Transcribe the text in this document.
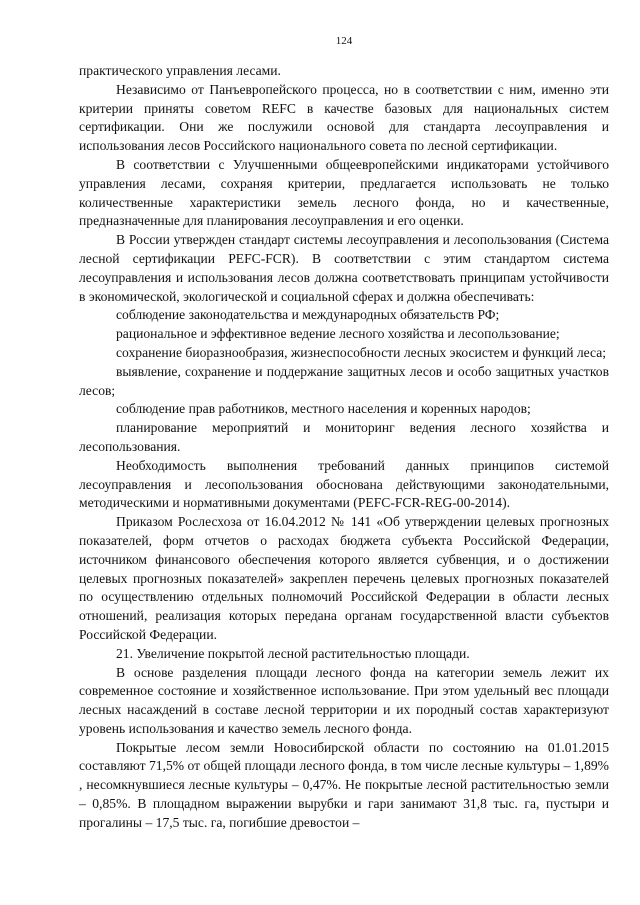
124

практического управления лесами.

Независимо от Панъевропейского процесса, но в соответствии с ним, именно эти критерии приняты советом REFC в качестве базовых для национальных систем сертификации. Они же послужили основой для стандарта лесоуправления и использования лесов Российского национального совета по лесной сертификации.

В соответствии с Улучшенными общеевропейскими индикаторами устойчивого управления лесами, сохраняя критерии, предлагается использовать не только количественные характеристики земель лесного фонда, но и качественные, предназначенные для планирования лесоуправления и его оценки.

В России утвержден стандарт системы лесоуправления и лесопользования (Система лесной сертификации PEFC-FCR). В соответствии с этим стандартом система лесоуправления и использования лесов должна соответствовать принципам устойчивости в экономической, экологической и социальной сферах и должна обеспечивать:

соблюдение законодательства и международных обязательств РФ;

рациональное и эффективное ведение лесного хозяйства и лесопользование;

сохранение биоразнообразия, жизнеспособности лесных экосистем и функций леса;

выявление, сохранение и поддержание защитных лесов и особо защитных участков лесов;

соблюдение прав работников, местного населения и коренных народов;

планирование мероприятий и мониторинг ведения лесного хозяйства и лесопользования.

Необходимость выполнения требований данных принципов системой лесоуправления и лесопользования обоснована действующими законодательными, методическими и нормативными документами (PEFC-FCR-REG-00-2014).

Приказом Рослесхоза от 16.04.2012 № 141 «Об утверждении целевых прогнозных показателей, форм отчетов о расходах бюджета субъекта Российской Федерации, источником финансового обеспечения которого является субвенция, и о достижении целевых прогнозных показателей» закреплен перечень целевых прогнозных показателей по осуществлению отдельных полномочий Российской Федерации в области лесных отношений, реализация которых передана органам государственной власти субъектов Российской Федерации.

21. Увеличение покрытой лесной растительностью площади.

В основе разделения площади лесного фонда на категории земель лежит их современное состояние и хозяйственное использование. При этом удельный вес площади лесных насаждений в составе лесной территории и их породный состав характеризуют уровень использования и качество земель лесного фонда.

Покрытые лесом земли Новосибирской области по состоянию на 01.01.2015 составляют 71,5% от общей площади лесного фонда, в том числе лесные культуры – 1,89% , несомкнувшиеся лесные культуры – 0,47%. Не покрытые лесной растительностью земли – 0,85%. В площадном выражении вырубки и гари занимают 31,8 тыс. га, пустыри и прогалины – 17,5 тыс. га, погибшие древостои –
